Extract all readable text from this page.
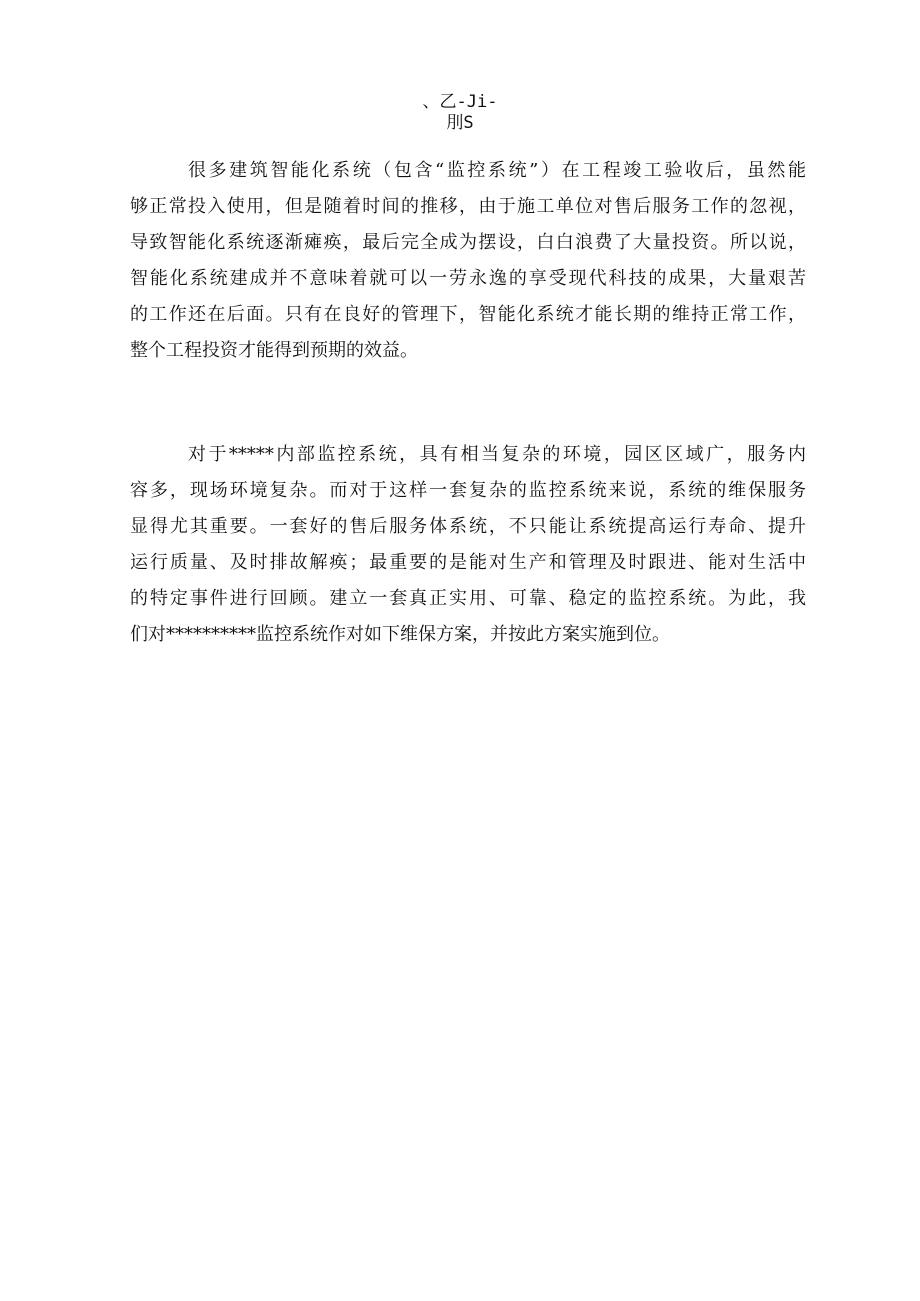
、乙-Ji-
刖S
很多建筑智能化系统（包含“监控系统”）在工程竣工验收后，虽然能
够正常投入使用，但是随着时间的推移，由于施工单位对售后服务工作的忽视，
导致智能化系统逐渐瘫痪，最后完全成为摆设，白白浪费了大量投资。所以说，
智能化系统建成并不意味着就可以一劳永逸的享受现代科技的成果，大量艰苦
的工作还在后面。只有在良好的管理下，智能化系统才能长期的维持正常工作，
整个工程投资才能得到预期的效益。
对于*****内部监控系统，具有相当复杂的环境，园区区域广，服务内
容多，现场环境复杂。而对于这样一套复杂的监控系统来说，系统的维保服务
显得尤其重要。一套好的售后服务体系统，不只能让系统提高运行寿命、提升
运行质量、及时排故解痪；最重要的是能对生产和管理及时跟进、能对生活中
的特定事件进行回顾。建立一套真正实用、可靠、稳定的监控系统。为此，我
们对**********监控系统作对如下维保方案，并按此方案实施到位。
